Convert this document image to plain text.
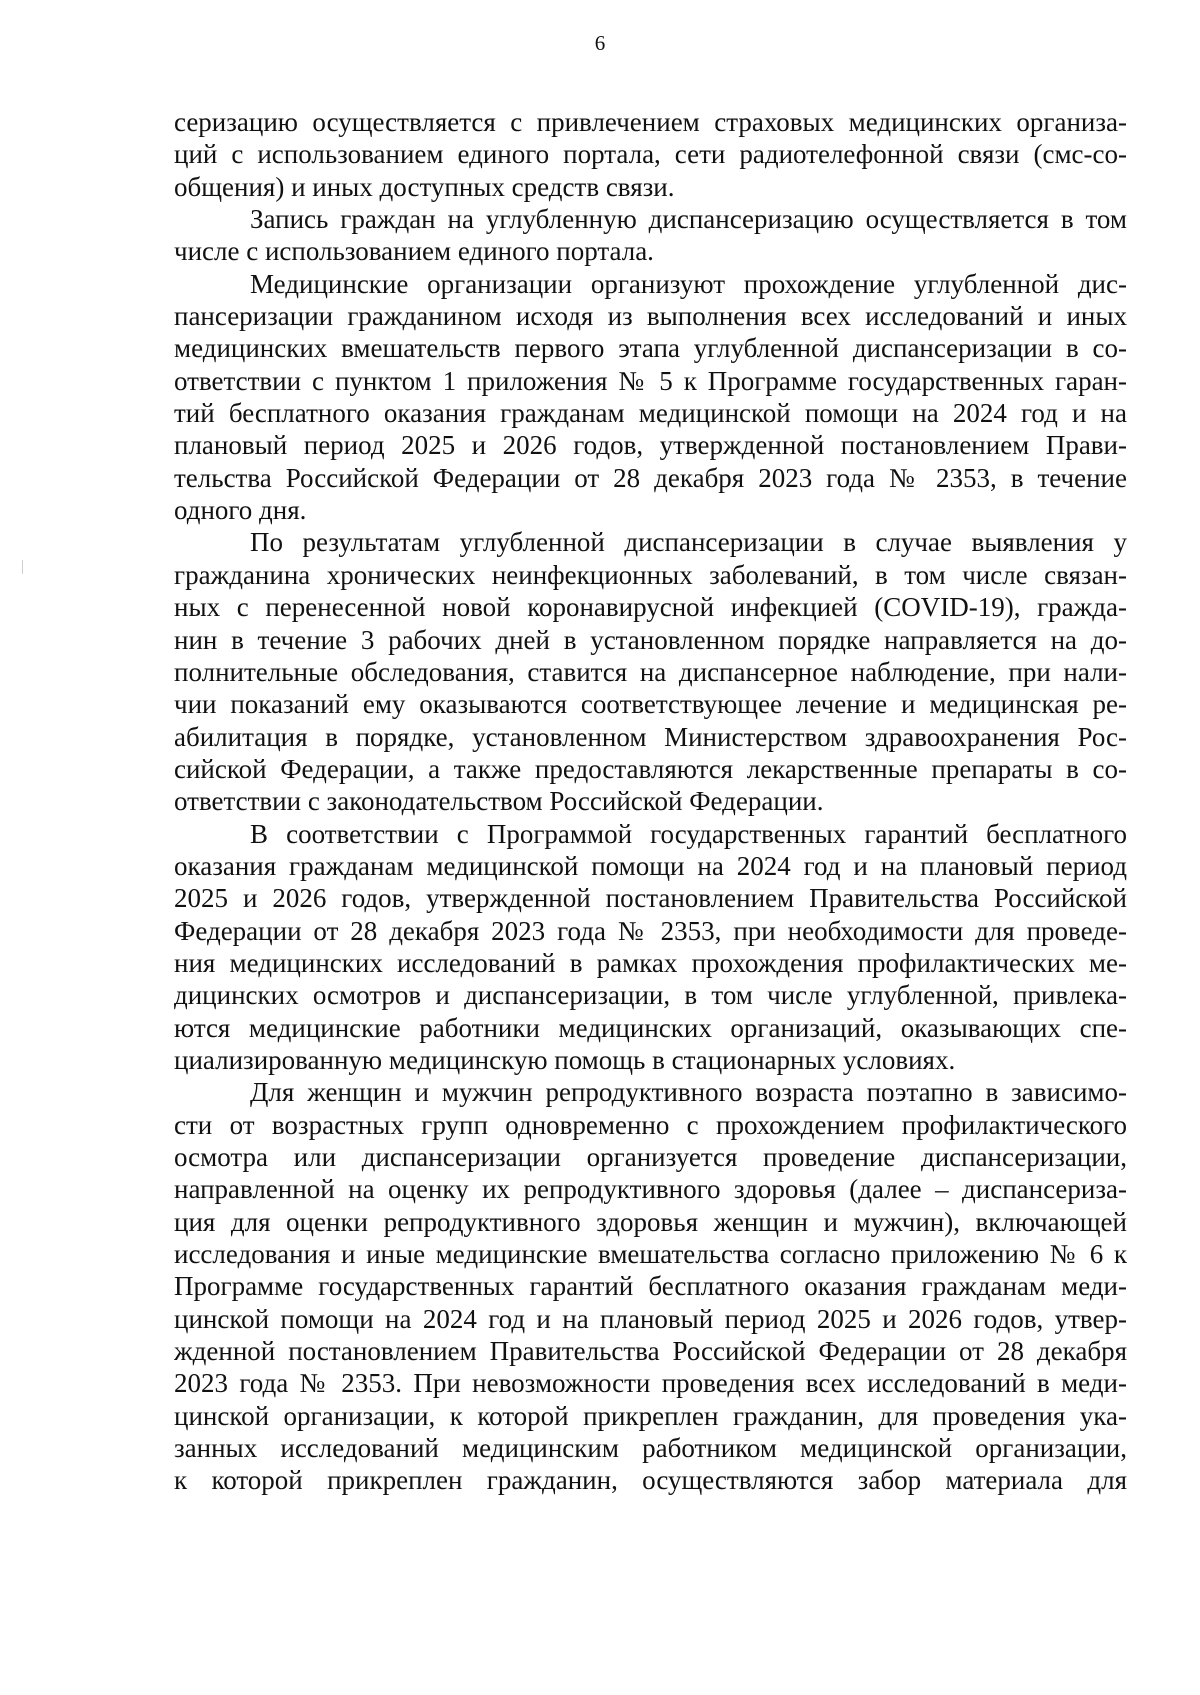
6
серизацию осуществляется с привлечением страховых медицинских организа-
ций с использованием единого портала, сети радиотелефонной связи (смс-со-
общения) и иных доступных средств связи.
Запись граждан на углубленную диспансеризацию осуществляется в том
числе с использованием единого портала.
Медицинские организации организуют прохождение углубленной дис-
пансеризации гражданином исходя из выполнения всех исследований и иных
медицинских вмешательств первого этапа углубленной диспансеризации в со-
ответствии с пунктом 1 приложения № 5 к Программе государственных гаран-
тий бесплатного оказания гражданам медицинской помощи на 2024 год и на
плановый период 2025 и 2026 годов, утвержденной постановлением Прави-
тельства Российской Федерации от 28 декабря 2023 года № 2353, в течение
одного дня.
По результатам углубленной диспансеризации в случае выявления у
гражданина хронических неинфекционных заболеваний, в том числе связан-
ных с перенесенной новой коронавирусной инфекцией (COVID-19), гражда-
нин в течение 3 рабочих дней в установленном порядке направляется на до-
полнительные обследования, ставится на диспансерное наблюдение, при нали-
чии показаний ему оказываются соответствующее лечение и медицинская ре-
абилитация в порядке, установленном Министерством здравоохранения Рос-
сийской Федерации, а также предоставляются лекарственные препараты в со-
ответствии с законодательством Российской Федерации.
В соответствии с Программой государственных гарантий бесплатного
оказания гражданам медицинской помощи на 2024 год и на плановый период
2025 и 2026 годов, утвержденной постановлением Правительства Российской
Федерации от 28 декабря 2023 года № 2353, при необходимости для проведе-
ния медицинских исследований в рамках прохождения профилактических ме-
дицинских осмотров и диспансеризации, в том числе углубленной, привлека-
ются медицинские работники медицинских организаций, оказывающих спе-
циализированную медицинскую помощь в стационарных условиях.
Для женщин и мужчин репродуктивного возраста поэтапно в зависимо-
сти от возрастных групп одновременно с прохождением профилактического
осмотра или диспансеризации организуется проведение диспансеризации,
направленной на оценку их репродуктивного здоровья (далее – диспансериза-
ция для оценки репродуктивного здоровья женщин и мужчин), включающей
исследования и иные медицинские вмешательства согласно приложению № 6 к
Программе государственных гарантий бесплатного оказания гражданам меди-
цинской помощи на 2024 год и на плановый период 2025 и 2026 годов, утвер-
жденной постановлением Правительства Российской Федерации от 28 декабря
2023 года № 2353. При невозможности проведения всех исследований в меди-
цинской организации, к которой прикреплен гражданин, для проведения ука-
занных исследований медицинским работником медицинской организации,
к которой прикреплен гражданин, осуществляются забор материала для
